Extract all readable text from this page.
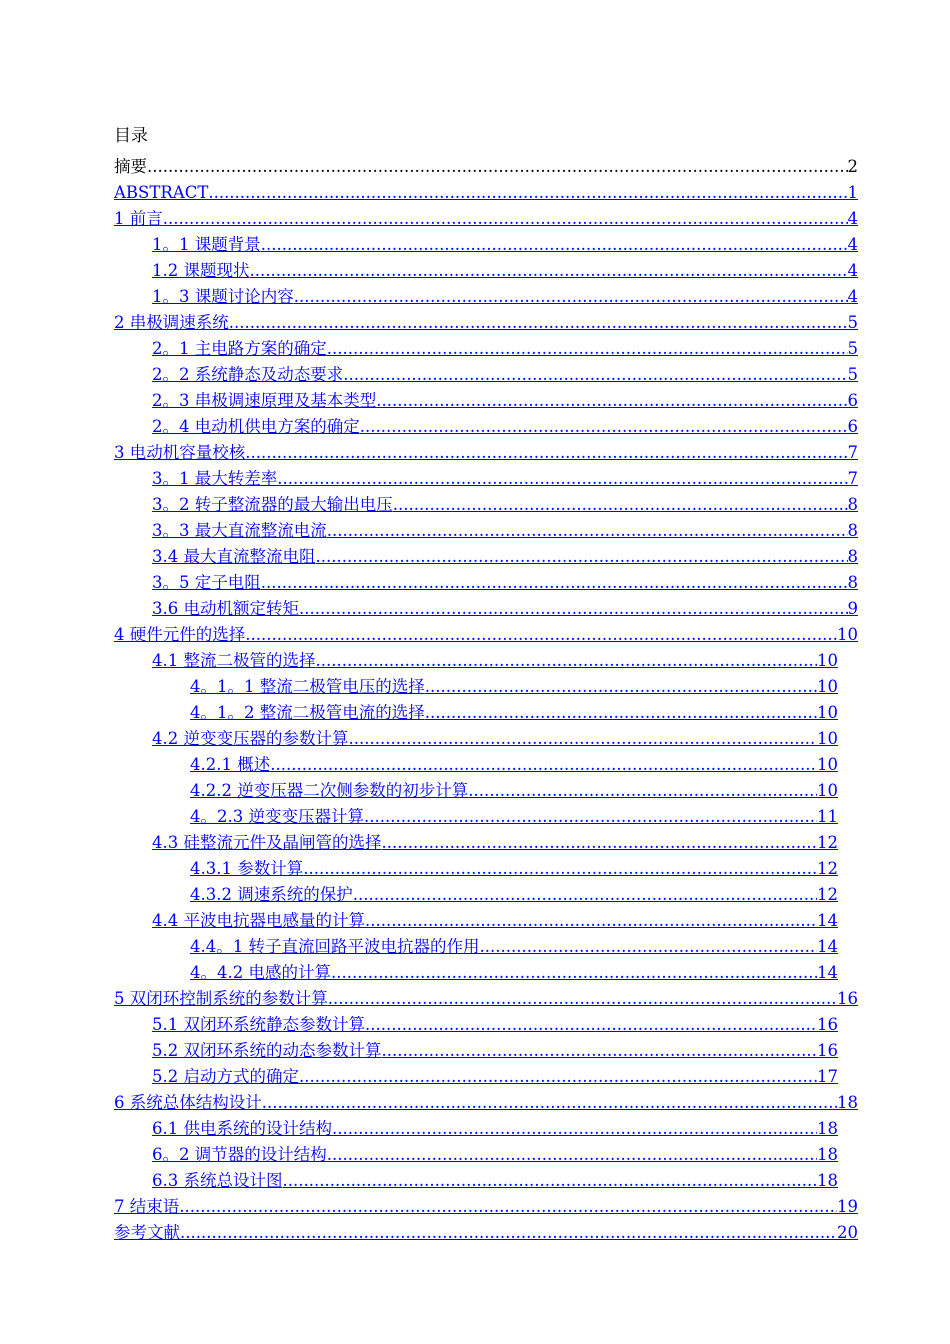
目录
摘要 .....	2
ABSTRACT .....	1
1 前言 .....	4
1。1 课题背景 .....	4
1.2 课题现状 .....	4
1。3 课题讨论内容 .....	4
2 串极调速系统 .....	5
2。1 主电路方案的确定 .....	5
2。2 系统静态及动态要求 .....	5
2。3 串极调速原理及基本类型 .....	6
2。4 电动机供电方案的确定 .....	6
3 电动机容量校核 .....	7
3。1 最大转差率 .....	7
3。2 转子整流器的最大输出电压 .....	8
3。3 最大直流整流电流 .....	8
3.4 最大直流整流电阻 .....	8
3。5 定子电阻 .....	8
3.6 电动机额定转矩 .....	9
4 硬件元件的选择 .....	10
4.1 整流二极管的选择 .....	10
4。1。1 整流二极管电压的选择 .....	10
4。1。2 整流二极管电流的选择 .....	10
4.2 逆变变压器的参数计算 .....	10
4.2.1 概述 .....	10
4.2.2 逆变压器二次侧参数的初步计算 .....	10
4。2.3 逆变变压器计算 .....	11
4.3 硅整流元件及晶闸管的选择 .....	12
4.3.1 参数计算 .....	12
4.3.2 调速系统的保护 .....	12
4.4 平波电抗器电感量的计算 .....	14
4.4。1 转子直流回路平波电抗器的作用 .....	14
4。4.2 电感的计算 .....	14
5 双闭环控制系统的参数计算 .....	16
5.1 双闭环系统静态参数计算 .....	16
5.2 双闭环系统的动态参数计算 .....	16
5.2 启动方式的确定 .....	17
6 系统总体结构设计 .....	18
6.1 供电系统的设计结构 .....	18
6。2 调节器的设计结构 .....	18
6.3 系统总设计图 .....	18
7 结束语 .....	19
参考文献 .....	20
